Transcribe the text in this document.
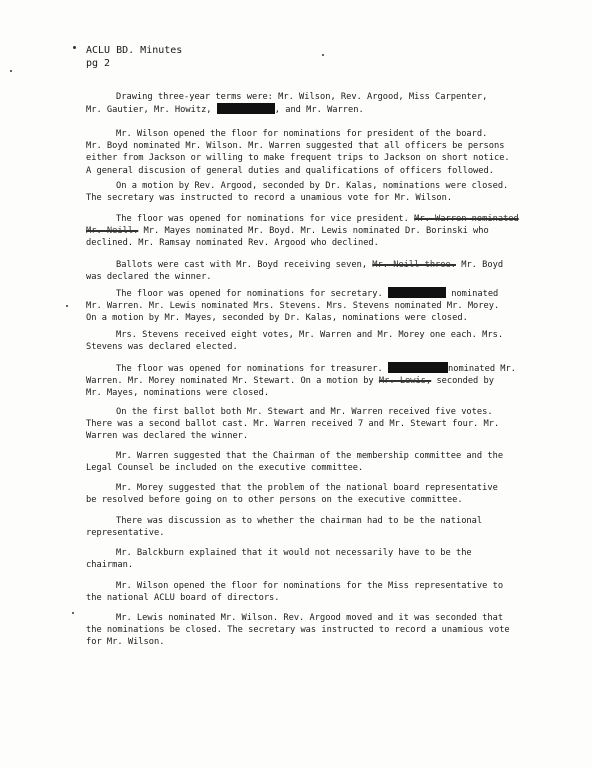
ACLU BD. Minutes
pg 2
Drawing three-year terms were: Mr. Wilson, Rev. Argood, Miss Carpenter,
Mr. Gautier, Mr. Howitz,	, and Mr. Warren.
Mr. Wilson opened the floor for nominations for president of the board.
Mr. Boyd nominated Mr. Wilson. Mr. Warren suggested that all officers be persons
either from Jackson or willing to make frequent trips to Jackson on short notice.
A general discusion of general duties and qualifications of officers followed.
On a motion by Rev. Argood, seconded by Dr. Kalas, nominations were closed.
The secretary was instructed to record a unamious vote for Mr. Wilson.
The floor was opened for nominations for vice president. Mr. Warren nominated
Mr. Neill. Mr. Mayes nominated Mr. Boyd. Mr. Lewis nominated Dr. Borinski who
declined. Mr. Ramsay nominated Rev. Argood who declined.
Ballots were cast with Mr. Boyd receiving seven, Mr. Neill three. Mr. Boyd
was declared the winner.
The floor was opened for nominations for secretary.	nominated
Mr. Warren. Mr. Lewis nominated Mrs. Stevens. Mrs. Stevens nominated Mr. Morey.
On a motion by Mr. Mayes, seconded by Dr. Kalas, nominations were closed.
Mrs. Stevens received eight votes, Mr. Warren and Mr. Morey one each. Mrs.
Stevens was declared elected.
The floor was opened for nominations for treasurer.	nominated Mr.
Warren. Mr. Morey nominated Mr. Stewart. On a motion by Mr. Lewis, seconded by
Mr. Mayes, nominations were closed.
On the first ballot both Mr. Stewart and Mr. Warren received five votes.
There was a second ballot cast. Mr. Warren received 7 and Mr. Stewart four. Mr.
Warren was declared the winner.
Mr. Warren suggested that the Chairman of the membership committee and the
Legal Counsel be included on the executive committee.
Mr. Morey suggested that the problem of the national board representative
be resolved before going on to other persons on the executive committee.
There was discussion as to whether the chairman had to be the national
representative.
Mr. Balckburn explained that it would not necessarily have to be the
chairman.
Mr. Wilson opened the floor for nominations for the Miss representative to
the national ACLU board of directors.
Mr. Lewis nominated Mr. Wilson. Rev. Argood moved and it was seconded that
the nominations be closed. The secretary was instructed to record a unamious vote
for Mr. Wilson.
